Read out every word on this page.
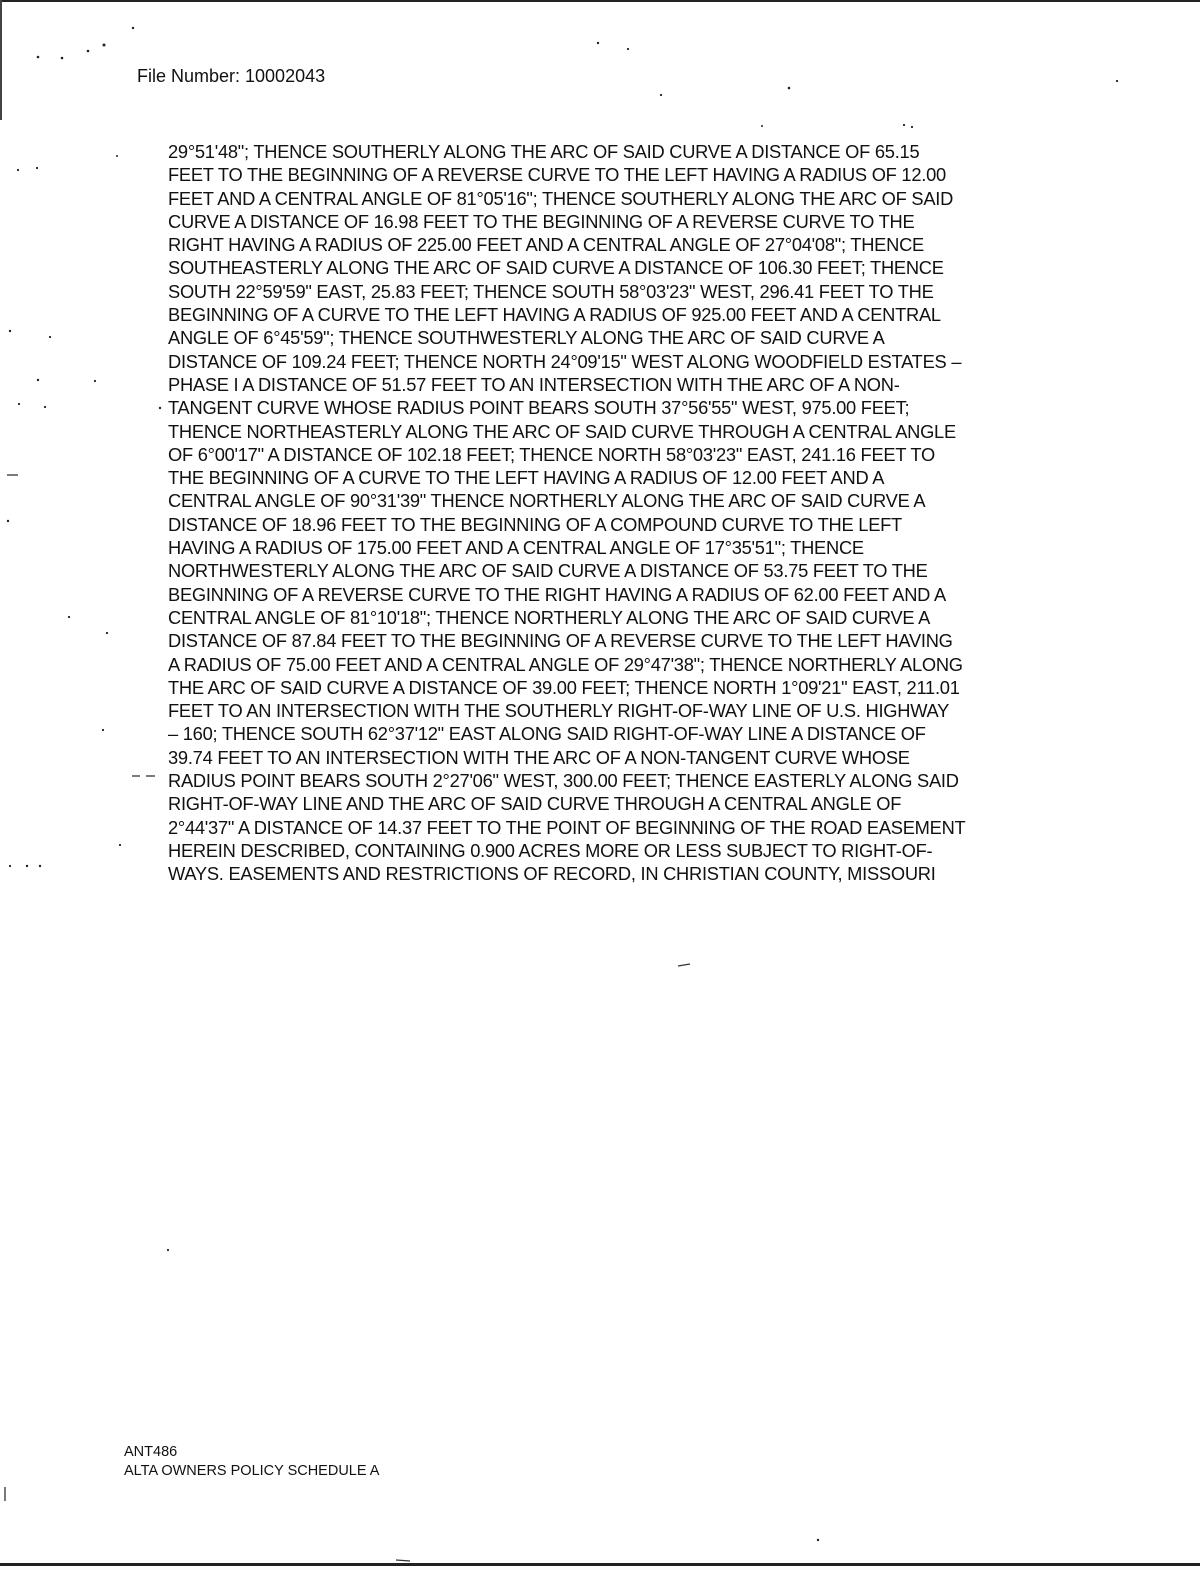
File Number: 10002043
29°51'48"; THENCE SOUTHERLY ALONG THE ARC OF SAID CURVE A DISTANCE OF 65.15
FEET TO THE BEGINNING OF A REVERSE CURVE TO THE LEFT HAVING A RADIUS OF 12.00
FEET AND A CENTRAL ANGLE OF 81°05'16"; THENCE SOUTHERLY ALONG THE ARC OF SAID
CURVE A DISTANCE OF 16.98 FEET TO THE BEGINNING OF A REVERSE CURVE TO THE
RIGHT HAVING A RADIUS OF 225.00 FEET AND A CENTRAL ANGLE OF 27°04'08"; THENCE
SOUTHEASTERLY ALONG THE ARC OF SAID CURVE A DISTANCE OF 106.30 FEET; THENCE
SOUTH 22°59'59" EAST, 25.83 FEET; THENCE SOUTH 58°03'23" WEST, 296.41 FEET TO THE
BEGINNING OF A CURVE TO THE LEFT HAVING A RADIUS OF 925.00 FEET AND A CENTRAL
ANGLE OF 6°45'59"; THENCE SOUTHWESTERLY ALONG THE ARC OF SAID CURVE A
DISTANCE OF 109.24 FEET; THENCE NORTH 24°09'15" WEST ALONG WOODFIELD ESTATES –
PHASE I A DISTANCE OF 51.57 FEET TO AN INTERSECTION WITH THE ARC OF A NON-
TANGENT CURVE WHOSE RADIUS POINT BEARS SOUTH 37°56'55" WEST, 975.00 FEET;
THENCE NORTHEASTERLY ALONG THE ARC OF SAID CURVE THROUGH A CENTRAL ANGLE
OF 6°00'17" A DISTANCE OF 102.18 FEET; THENCE NORTH 58°03'23" EAST, 241.16 FEET TO
THE BEGINNING OF A CURVE TO THE LEFT HAVING A RADIUS OF 12.00 FEET AND A
CENTRAL ANGLE OF 90°31'39" THENCE NORTHERLY ALONG THE ARC OF SAID CURVE A
DISTANCE OF 18.96 FEET TO THE BEGINNING OF A COMPOUND CURVE TO THE LEFT
HAVING A RADIUS OF 175.00 FEET AND A CENTRAL ANGLE OF 17°35'51"; THENCE
NORTHWESTERLY ALONG THE ARC OF SAID CURVE A DISTANCE OF 53.75 FEET TO THE
BEGINNING OF A REVERSE CURVE TO THE RIGHT HAVING A RADIUS OF 62.00 FEET AND A
CENTRAL ANGLE OF 81°10'18"; THENCE NORTHERLY ALONG THE ARC OF SAID CURVE A
DISTANCE OF 87.84 FEET TO THE BEGINNING OF A REVERSE CURVE TO THE LEFT HAVING
A RADIUS OF 75.00 FEET AND A CENTRAL ANGLE OF 29°47'38"; THENCE NORTHERLY ALONG
THE ARC OF SAID CURVE A DISTANCE OF 39.00 FEET; THENCE NORTH 1°09'21" EAST, 211.01
FEET TO AN INTERSECTION WITH THE SOUTHERLY RIGHT-OF-WAY LINE OF U.S. HIGHWAY
– 160; THENCE SOUTH 62°37'12" EAST ALONG SAID RIGHT-OF-WAY LINE A DISTANCE OF
39.74 FEET TO AN INTERSECTION WITH THE ARC OF A NON-TANGENT CURVE WHOSE
RADIUS POINT BEARS SOUTH 2°27'06" WEST, 300.00 FEET; THENCE EASTERLY ALONG SAID
RIGHT-OF-WAY LINE AND THE ARC OF SAID CURVE THROUGH A CENTRAL ANGLE OF
2°44'37" A DISTANCE OF 14.37 FEET TO THE POINT OF BEGINNING OF THE ROAD EASEMENT
HEREIN DESCRIBED, CONTAINING 0.900 ACRES MORE OR LESS SUBJECT TO RIGHT-OF-
WAYS. EASEMENTS AND RESTRICTIONS OF RECORD, IN CHRISTIAN COUNTY, MISSOURI
ANT486
ALTA OWNERS POLICY SCHEDULE A
